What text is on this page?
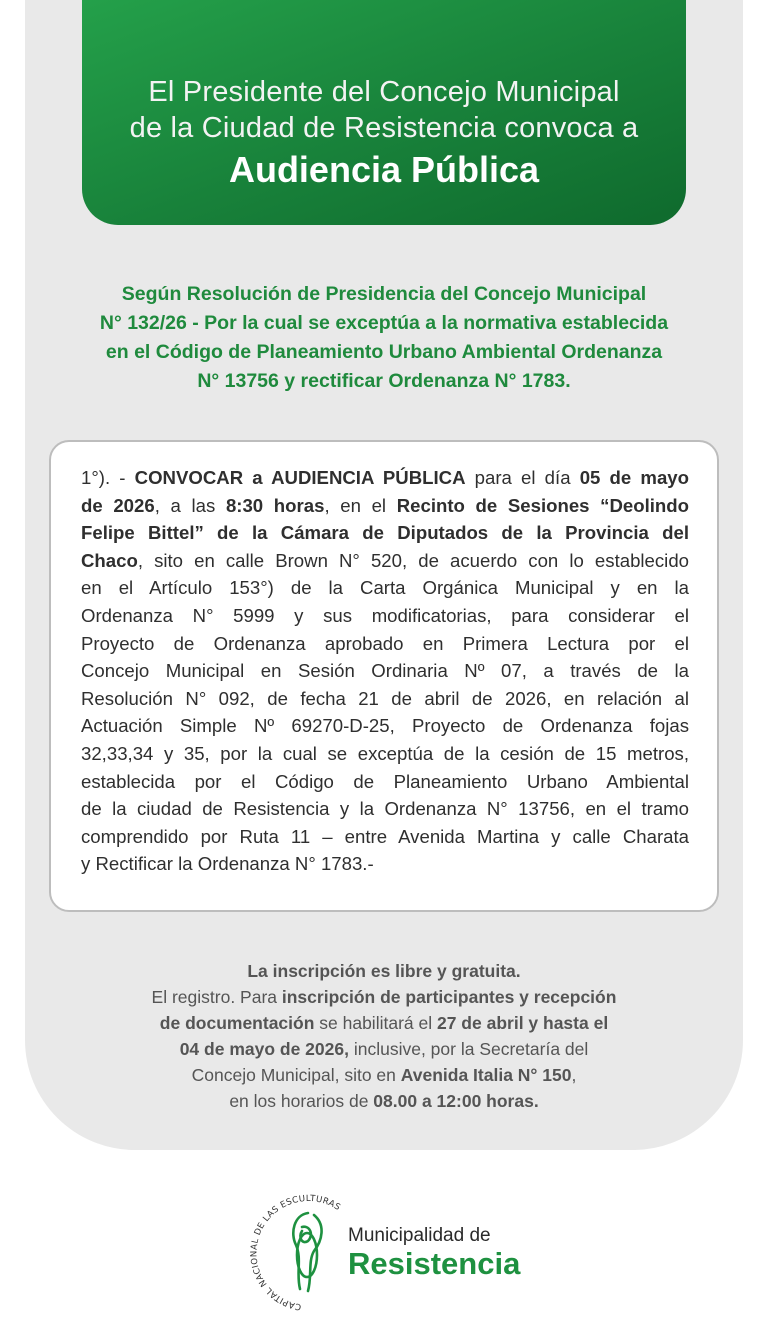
El Presidente del Concejo Municipal
de la Ciudad de Resistencia convoca a
Audiencia Pública
Según Resolución de Presidencia del Concejo Municipal
N° 132/26 - Por la cual se exceptúa a la normativa establecida
en el Código de Planeamiento Urbano Ambiental Ordenanza
N° 13756 y rectificar Ordenanza N° 1783.
1°). - CONVOCAR a AUDIENCIA PÚBLICA para el día 05 de mayo
de 2026, a las 8:30 horas, en el Recinto de Sesiones “Deolindo
Felipe Bittel” de la Cámara de Diputados de la Provincia del
Chaco, sito en calle Brown N° 520, de acuerdo con lo establecido
en el Artículo 153°) de la Carta Orgánica Municipal y en la
Ordenanza N° 5999 y sus modificatorias, para considerar el
Proyecto de Ordenanza aprobado en Primera Lectura por el
Concejo Municipal en Sesión Ordinaria Nº 07, a través de la
Resolución N° 092, de fecha 21 de abril de 2026, en relación al
Actuación Simple Nº 69270-D-25, Proyecto de Ordenanza fojas
32,33,34 y 35, por la cual se exceptúa de la cesión de 15 metros,
establecida por el Código de Planeamiento Urbano Ambiental
de la ciudad de Resistencia y la Ordenanza N° 13756, en el tramo
comprendido por Ruta 11 – entre Avenida Martina y calle Charata
y Rectificar la Ordenanza N° 1783.-
La inscripción es libre y gratuita.
El registro. Para inscripción de participantes y recepción
de documentación se habilitará el 27 de abril y hasta el
04 de mayo de 2026, inclusive, por la Secretaría del
Concejo Municipal, sito en Avenida Italia N° 150,
en los horarios de 08.00 a 12:00 horas.
CAPITAL NACIONAL DE LAS ESCULTURAS
Municipalidad de
Resistencia
